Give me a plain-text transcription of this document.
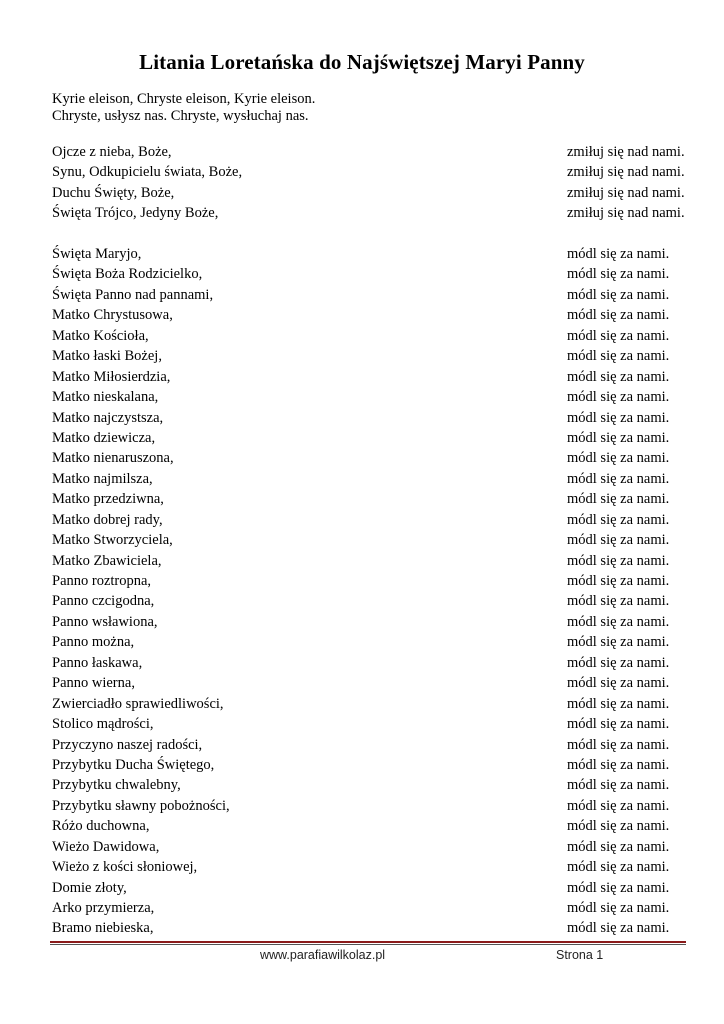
Litania Loretańska do Najświętszej Maryi Panny
Kyrie eleison, Chryste eleison, Kyrie eleison.
Chryste, usłysz nas. Chryste, wysłuchaj nas.
Ojcze z nieba, Boże,	zmiłuj się nad nami.
Synu, Odkupicielu świata, Boże,	zmiłuj się nad nami.
Duchu Święty, Boże,	zmiłuj się nad nami.
Święta Trójco, Jedyny Boże,	zmiłuj się nad nami.
Święta Maryjo,	módl się za nami.
Święta Boża Rodzicielko,	módl się za nami.
Święta Panno nad pannami,	módl się za nami.
Matko Chrystusowa,	módl się za nami.
Matko Kościoła,	módl się za nami.
Matko łaski Bożej,	módl się za nami.
Matko Miłosierdzia,	módl się za nami.
Matko nieskalana,	módl się za nami.
Matko najczystsza,	módl się za nami.
Matko dziewicza,	módl się za nami.
Matko nienaruszona,	módl się za nami.
Matko najmilsza,	módl się za nami.
Matko przedziwna,	módl się za nami.
Matko dobrej rady,	módl się za nami.
Matko Stworzyciela,	módl się za nami.
Matko Zbawiciela,	módl się za nami.
Panno roztropna,	módl się za nami.
Panno czcigodna,	módl się za nami.
Panno wsławiona,	módl się za nami.
Panno można,	módl się za nami.
Panno łaskawa,	módl się za nami.
Panno wierna,	módl się za nami.
Zwierciadło sprawiedliwości,	módl się za nami.
Stolico mądrości,	módl się za nami.
Przyczyno naszej radości,	módl się za nami.
Przybytku Ducha Świętego,	módl się za nami.
Przybytku chwalebny,	módl się za nami.
Przybytku sławny pobożności,	módl się za nami.
Różo duchowna,	módl się za nami.
Wieżo Dawidowa,	módl się za nami.
Wieżo z kości słoniowej,	módl się za nami.
Domie złoty,	módl się za nami.
Arko przymierza,	módl się za nami.
Bramo niebieska,	módl się za nami.
www.parafiawilkolaz.pl	Strona 1
